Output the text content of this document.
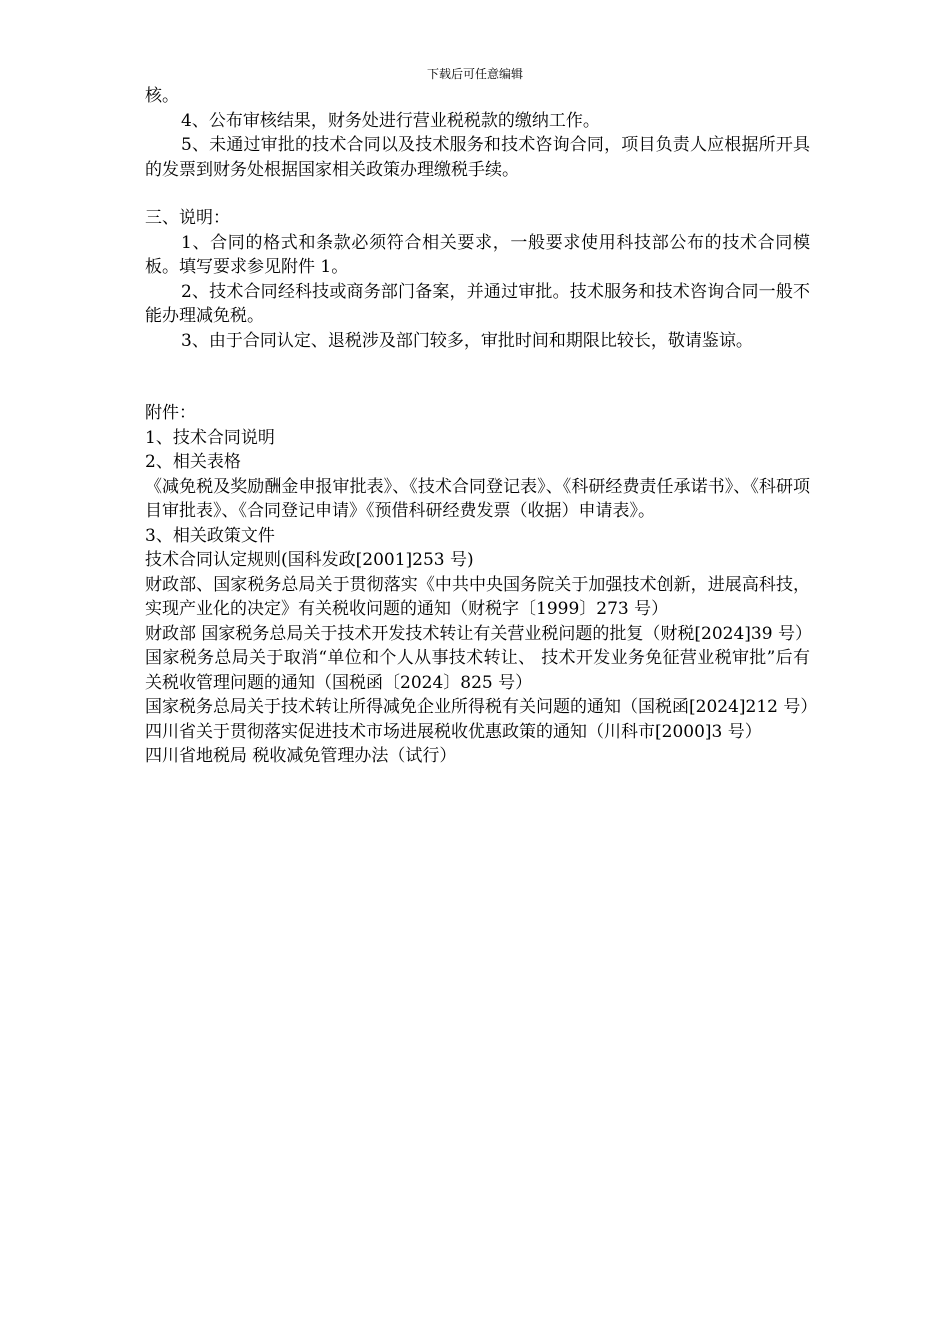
下载后可任意编辑

核。

4、公布审核结果，财务处进行营业税税款的缴纳工作。

5、未通过审批的技术合同以及技术服务和技术咨询合同，项目负责人应根据所开具的发票到财务处根据国家相关政策办理缴税手续。

三、说明：

1、合同的格式和条款必须符合相关要求，一般要求使用科技部公布的技术合同模板。填写要求参见附件 1。

2、技术合同经科技或商务部门备案，并通过审批。技术服务和技术咨询合同一般不能办理减免税。

3、由于合同认定、退税涉及部门较多，审批时间和期限比较长，敬请鉴谅。

附件：

1、技术合同说明

2、相关表格

《减免税及奖励酬金申报审批表》、《技术合同登记表》、《科研经费责任承诺书》、《科研项目审批表》、《合同登记申请》《预借科研经费发票（收据）申请表》。

3、相关政策文件

技术合同认定规则(国科发政[2001]253 号)

财政部、国家税务总局关于贯彻落实《中共中央国务院关于加强技术创新，进展高科技，实现产业化的决定》有关税收问题的通知（财税字〔1999〕273 号）

财政部 国家税务总局关于技术开发技术转让有关营业税问题的批复（财税[2024]39 号）

国家税务总局关于取消“单位和个人从事技术转让、 技术开发业务免征营业税审批”后有关税收管理问题的通知（国税函〔2024〕825 号）

国家税务总局关于技术转让所得减免企业所得税有关问题的通知（国税函[2024]212 号）

四川省关于贯彻落实促进技术市场进展税收优惠政策的通知（川科市[2000]3 号）

四川省地税局 税收减免管理办法（试行）
